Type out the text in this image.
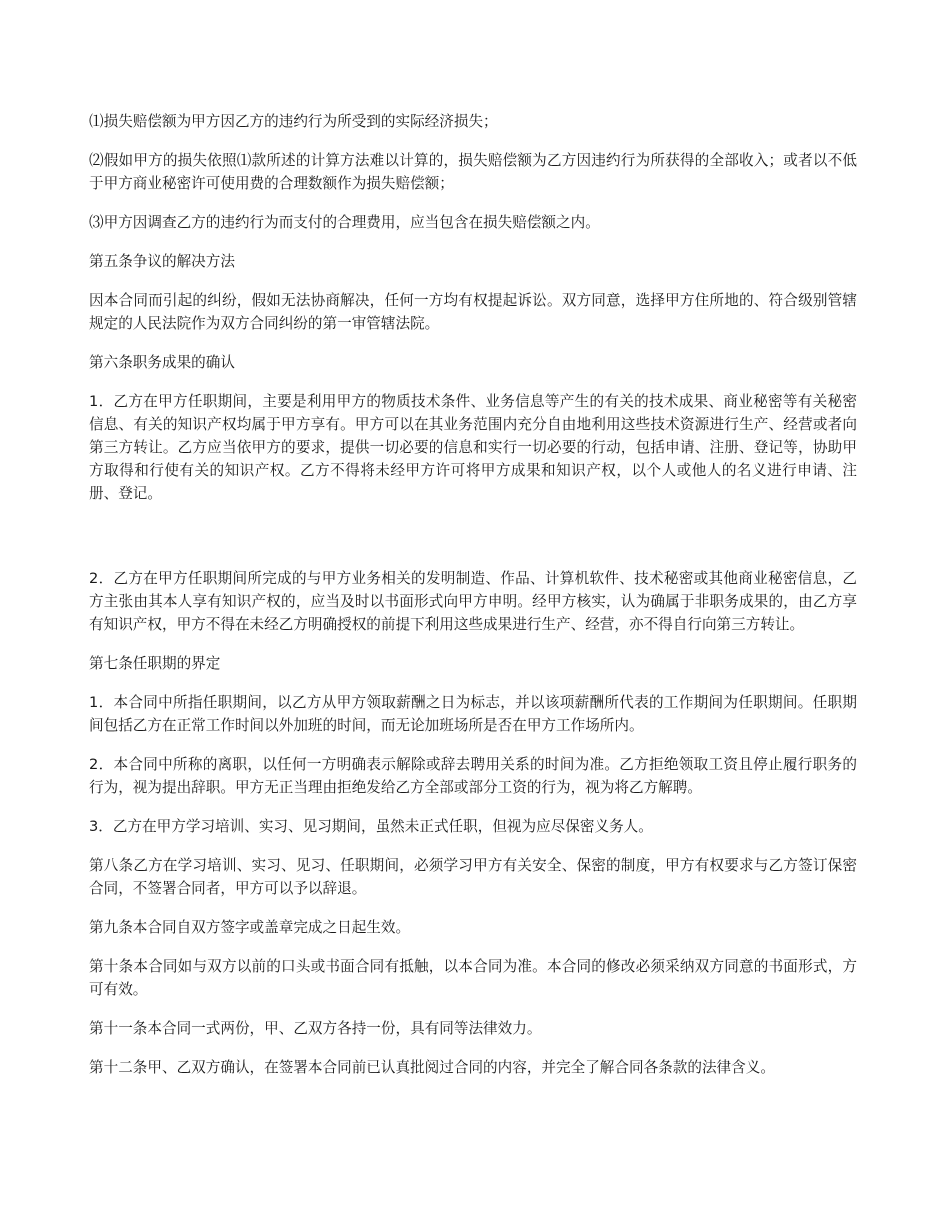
⑴损失赔偿额为甲方因乙方的违约行为所受到的实际经济损失；

⑵假如甲方的损失依照⑴款所述的计算方法难以计算的，损失赔偿额为乙方因违约行为所获得的全部收入；或者以不低于甲方商业秘密许可使用费的合理数额作为损失赔偿额；

⑶甲方因调查乙方的违约行为而支付的合理费用，应当包含在损失赔偿额之内。

第五条争议的解决方法

因本合同而引起的纠纷，假如无法协商解决，任何一方均有权提起诉讼。双方同意，选择甲方住所地的、符合级别管辖规定的人民法院作为双方合同纠纷的第一审管辖法院。

第六条职务成果的确认

1．乙方在甲方任职期间，主要是利用甲方的物质技术条件、业务信息等产生的有关的技术成果、商业秘密等有关秘密信息、有关的知识产权均属于甲方享有。甲方可以在其业务范围内充分自由地利用这些技术资源进行生产、经营或者向第三方转让。乙方应当依甲方的要求，提供一切必要的信息和实行一切必要的行动，包括申请、注册、登记等，协助甲方取得和行使有关的知识产权。乙方不得将未经甲方许可将甲方成果和知识产权，以个人或他人的名义进行申请、注册、登记。

2．乙方在甲方任职期间所完成的与甲方业务相关的发明制造、作品、计算机软件、技术秘密或其他商业秘密信息，乙方主张由其本人享有知识产权的，应当及时以书面形式向甲方申明。经甲方核实，认为确属于非职务成果的，由乙方享有知识产权，甲方不得在未经乙方明确授权的前提下利用这些成果进行生产、经营，亦不得自行向第三方转让。

第七条任职期的界定

1．本合同中所指任职期间，以乙方从甲方领取薪酬之日为标志，并以该项薪酬所代表的工作期间为任职期间。任职期间包括乙方在正常工作时间以外加班的时间，而无论加班场所是否在甲方工作场所内。

2．本合同中所称的离职，以任何一方明确表示解除或辞去聘用关系的时间为准。乙方拒绝领取工资且停止履行职务的行为，视为提出辞职。甲方无正当理由拒绝发给乙方全部或部分工资的行为，视为将乙方解聘。

3．乙方在甲方学习培训、实习、见习期间，虽然未正式任职，但视为应尽保密义务人。

第八条乙方在学习培训、实习、见习、任职期间，必须学习甲方有关安全、保密的制度，甲方有权要求与乙方签订保密合同，不签署合同者，甲方可以予以辞退。

第九条本合同自双方签字或盖章完成之日起生效。

第十条本合同如与双方以前的口头或书面合同有抵触，以本合同为准。本合同的修改必须采纳双方同意的书面形式，方可有效。

第十一条本合同一式两份，甲、乙双方各持一份，具有同等法律效力。

第十二条甲、乙双方确认，在签署本合同前已认真批阅过合同的内容，并完全了解合同各条款的法律含义。
